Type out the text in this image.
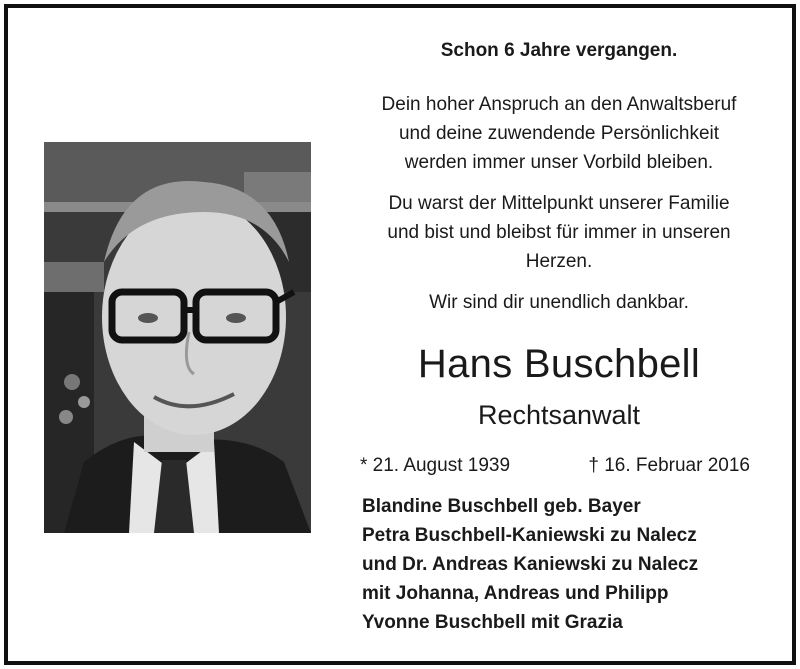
Schon 6 Jahre vergangen.
Dein hoher Anspruch an den Anwaltsberuf
und deine zuwendende Persönlichkeit
werden immer unser Vorbild bleiben.
Du warst der Mittelpunkt unserer Familie
und bist und bleibst für immer in unseren
Herzen.
Wir sind dir unendlich dankbar.
Hans Buschbell
Rechtsanwalt
* 21. August 1939	† 16. Februar 2016
Blandine Buschbell geb. Bayer
Petra Buschbell-Kaniewski zu Nalecz
und Dr. Andreas Kaniewski zu Nalecz
mit Johanna, Andreas und Philipp
Yvonne Buschbell mit Grazia
